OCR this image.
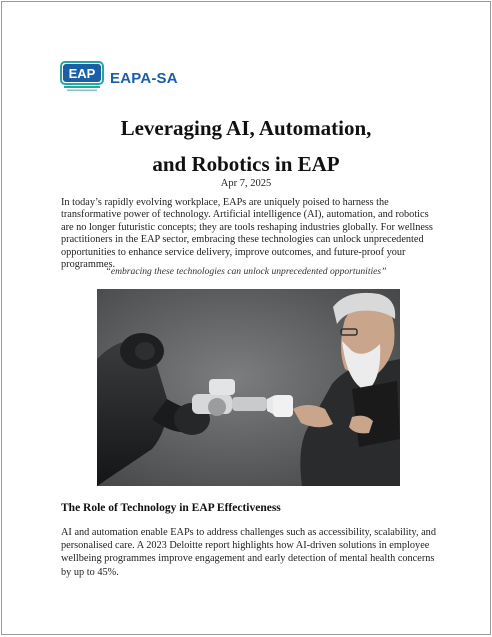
EAP EAPA-SA
Leveraging AI, Automation,
and Robotics in EAP
Apr 7, 2025
In today’s rapidly evolving workplace, EAPs are uniquely poised to harness the transformative power of technology. Artificial intelligence (AI), automation, and robotics are no longer futuristic concepts; they are tools reshaping industries globally. For wellness practitioners in the EAP sector, embracing these technologies can unlock unprecedented opportunities to enhance service delivery, improve outcomes, and future-proof your programmes.
“embracing these technologies can unlock unprecedented opportunities”
The Role of Technology in EAP Effectiveness
AI and automation enable EAPs to address challenges such as accessibility, scalability, and personalised care. A 2023 Deloitte report highlights how AI-driven solutions in employee wellbeing programmes improve engagement and early detection of mental health concerns by up to 45%.
